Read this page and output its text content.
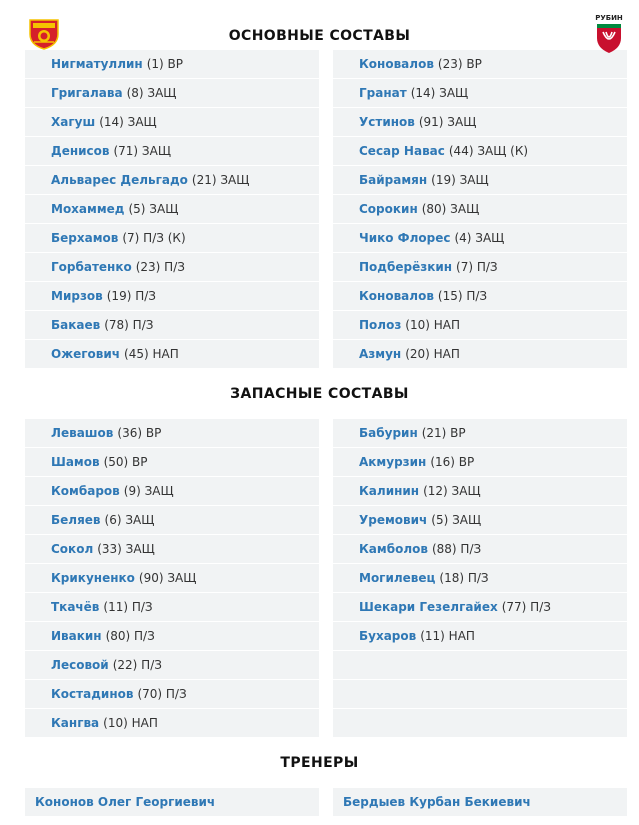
ОСНОВНЫЕ СОСТАВЫ
РУБИН
Нигматуллин (1) ВР
Григалава (8) ЗАЩ
Хагуш (14) ЗАЩ
Денисов (71) ЗАЩ
Альварес Дельгадо (21) ЗАЩ
Мохаммед (5) ЗАЩ
Берхамов (7) П/З (К)
Горбатенко (23) П/З
Мирзов (19) П/З
Бакаев (78) П/З
Ожегович (45) НАП
Коновалов (23) ВР
Гранат (14) ЗАЩ
Устинов (91) ЗАЩ
Сесар Навас (44) ЗАЩ (К)
Байрамян (19) ЗАЩ
Сорокин (80) ЗАЩ
Чико Флорес (4) ЗАЩ
Подберёзкин (7) П/З
Коновалов (15) П/З
Полоз (10) НАП
Азмун (20) НАП
ЗАПАСНЫЕ СОСТАВЫ
Левашов (36) ВР
Шамов (50) ВР
Комбаров (9) ЗАЩ
Беляев (6) ЗАЩ
Сокол (33) ЗАЩ
Крикуненко (90) ЗАЩ
Ткачёв (11) П/З
Ивакин (80) П/З
Лесовой (22) П/З
Костадинов (70) П/З
Кангва (10) НАП
Бабурин (21) ВР
Акмурзин (16) ВР
Калинин (12) ЗАЩ
Уремович (5) ЗАЩ
Камболов (88) П/З
Могилевец (18) П/З
Шекари Гезелгайех (77) П/З
Бухаров (11) НАП
ТРЕНЕРЫ
Кононов Олег Георгиевич	Бердыев Курбан Бекиевич
